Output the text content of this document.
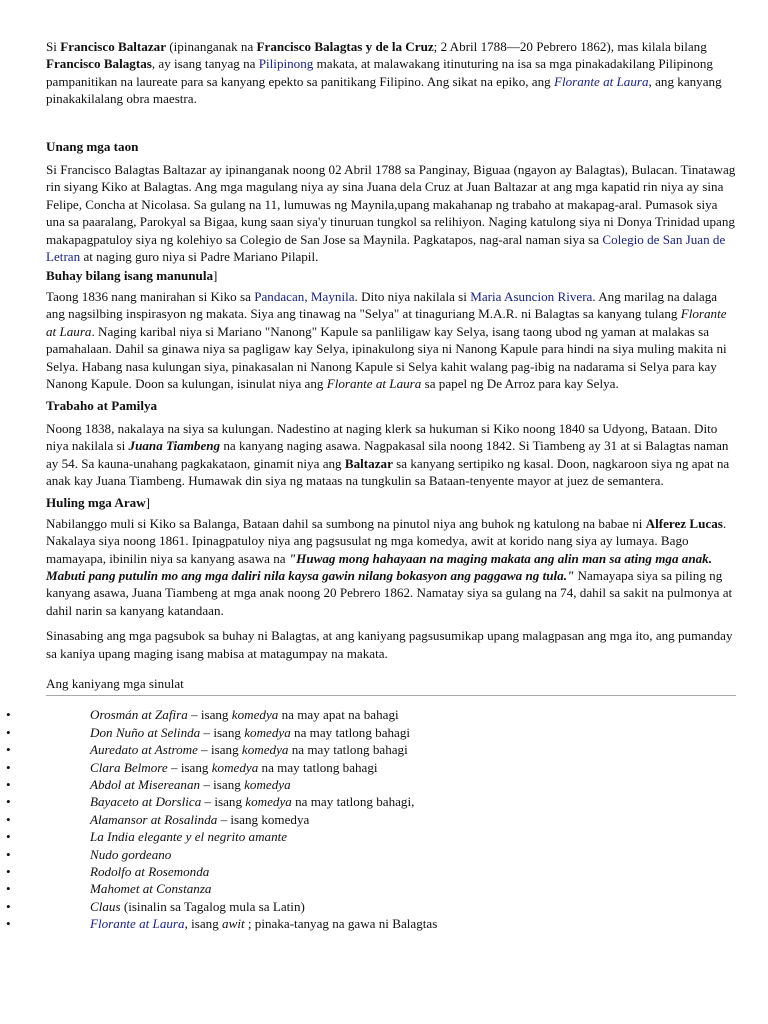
Si Francisco Baltazar (ipinanganak na Francisco Balagtas y de la Cruz; 2 Abril 1788—20 Pebrero 1862), mas kilala bilang Francisco Balagtas, ay isang tanyag na Pilipinong makata, at malawakang itinuturing na isa sa mga pinakadakilang Pilipinong pampanitikan na laureate para sa kanyang epekto sa panitikang Filipino. Ang sikat na epiko, ang Florante at Laura, ang kanyang pinakakilalang obra maestra.

Unang mga taon

Si Francisco Balagtas Baltazar ay ipinanganak noong 02 Abril 1788 sa Panginay, Biguaa (ngayon ay Balagtas), Bulacan. Tinatawag rin siyang Kiko at Balagtas. Ang mga magulang niya ay sina Juana dela Cruz at Juan Baltazar at ang mga kapatid rin niya ay sina Felipe, Concha at Nicolasa. Sa gulang na 11, lumuwas ng Maynila,upang makahanap ng trabaho at makapag-aral. Pumasok siya una sa paaralang, Parokyal sa Bigaa, kung saan siya'y tinuruan tungkol sa relihiyon. Naging katulong siya ni Donya Trinidad upang makapagpatuloy siya ng kolehiyo sa Colegio de San Jose sa Maynila. Pagkatapos, nag-aral naman siya sa Colegio de San Juan de Letran at naging guro niya si Padre Mariano Pilapil.

Buhay bilang isang manunula]

Taong 1836 nang manirahan si Kiko sa Pandacan, Maynila. Dito niya nakilala si Maria Asuncion Rivera. Ang marilag na dalaga ang nagsilbing inspirasyon ng makata. Siya ang tinawag na "Selya" at tinaguriang M.A.R. ni Balagtas sa kanyang tulang Florante at Laura. Naging karibal niya si Mariano "Nanong" Kapule sa panliligaw kay Selya, isang taong ubod ng yaman at malakas sa pamahalaan. Dahil sa ginawa niya sa pagligaw kay Selya, ipinakulong siya ni Nanong Kapule para hindi na siya muling makita ni Selya. Habang nasa kulungan siya, pinakasalan ni Nanong Kapule si Selya kahit walang pag-ibig na nadarama si Selya para kay Nanong Kapule. Doon sa kulungan, isinulat niya ang Florante at Laura sa papel ng De Arroz para kay Selya.

Trabaho at Pamilya

Noong 1838, nakalaya na siya sa kulungan. Nadestino at naging klerk sa hukuman si Kiko noong 1840 sa Udyong, Bataan. Dito niya nakilala si Juana Tiambeng na kanyang naging asawa. Nagpakasal sila noong 1842. Si Tiambeng ay 31 at si Balagtas naman ay 54. Sa kauna-unahang pagkakataon, ginamit niya ang Baltazar sa kanyang sertipiko ng kasal. Doon, nagkaroon siya ng apat na anak kay Juana Tiambeng. Humawak din siya ng mataas na tungkulin sa Bataan-tenyente mayor at juez de semantera.

Huling mga Araw]

Nabilanggo muli si Kiko sa Balanga, Bataan dahil sa sumbong na pinutol niya ang buhok ng katulong na babae ni Alferez Lucas. Nakalaya siya noong 1861. Ipinagpatuloy niya ang pagsusulat ng mga komedya, awit at korido nang siya ay lumaya. Bago mamayapa, ibinilin niya sa kanyang asawa na "Huwag mong hahayaan na maging makata ang alin man sa ating mga anak. Mabuti pang putulin mo ang mga daliri nila kaysa gawin nilang bokasyon ang paggawa ng tula." Namayapa siya sa piling ng kanyang asawa, Juana Tiambeng at mga anak noong 20 Pebrero 1862. Namatay siya sa gulang na 74, dahil sa sakit na pulmonya at dahil narin sa kanyang katandaan.

Sinasabing ang mga pagsubok sa buhay ni Balagtas, at ang kaniyang pagsusumikap upang malagpasan ang mga ito, ang pumanday sa kaniya upang maging isang mabisa at matagumpay na makata.

Ang kaniyang mga sinulat
•	Orosmán at Zafira – isang komedya na may apat na bahagi
•	Don Nuño at Selinda – isang komedya na may tatlong bahagi
•	Auredato at Astrome – isang komedya na may tatlong bahagi
•	Clara Belmore – isang komedya na may tatlong bahagi
•	Abdol at Misereanan – isang komedya
•	Bayaceto at Dorslica – isang komedya na may tatlong bahagi,
•	Alamansor at Rosalinda – isang komedya
•	La India elegante y el negrito amante
•	Nudo gordeano
•	Rodolfo at Rosemonda
•	Mahomet at Constanza
•	Claus (isinalin sa Tagalog mula sa Latin)
•	Florante at Laura, isang awit ; pinaka-tanyag na gawa ni Balagtas
